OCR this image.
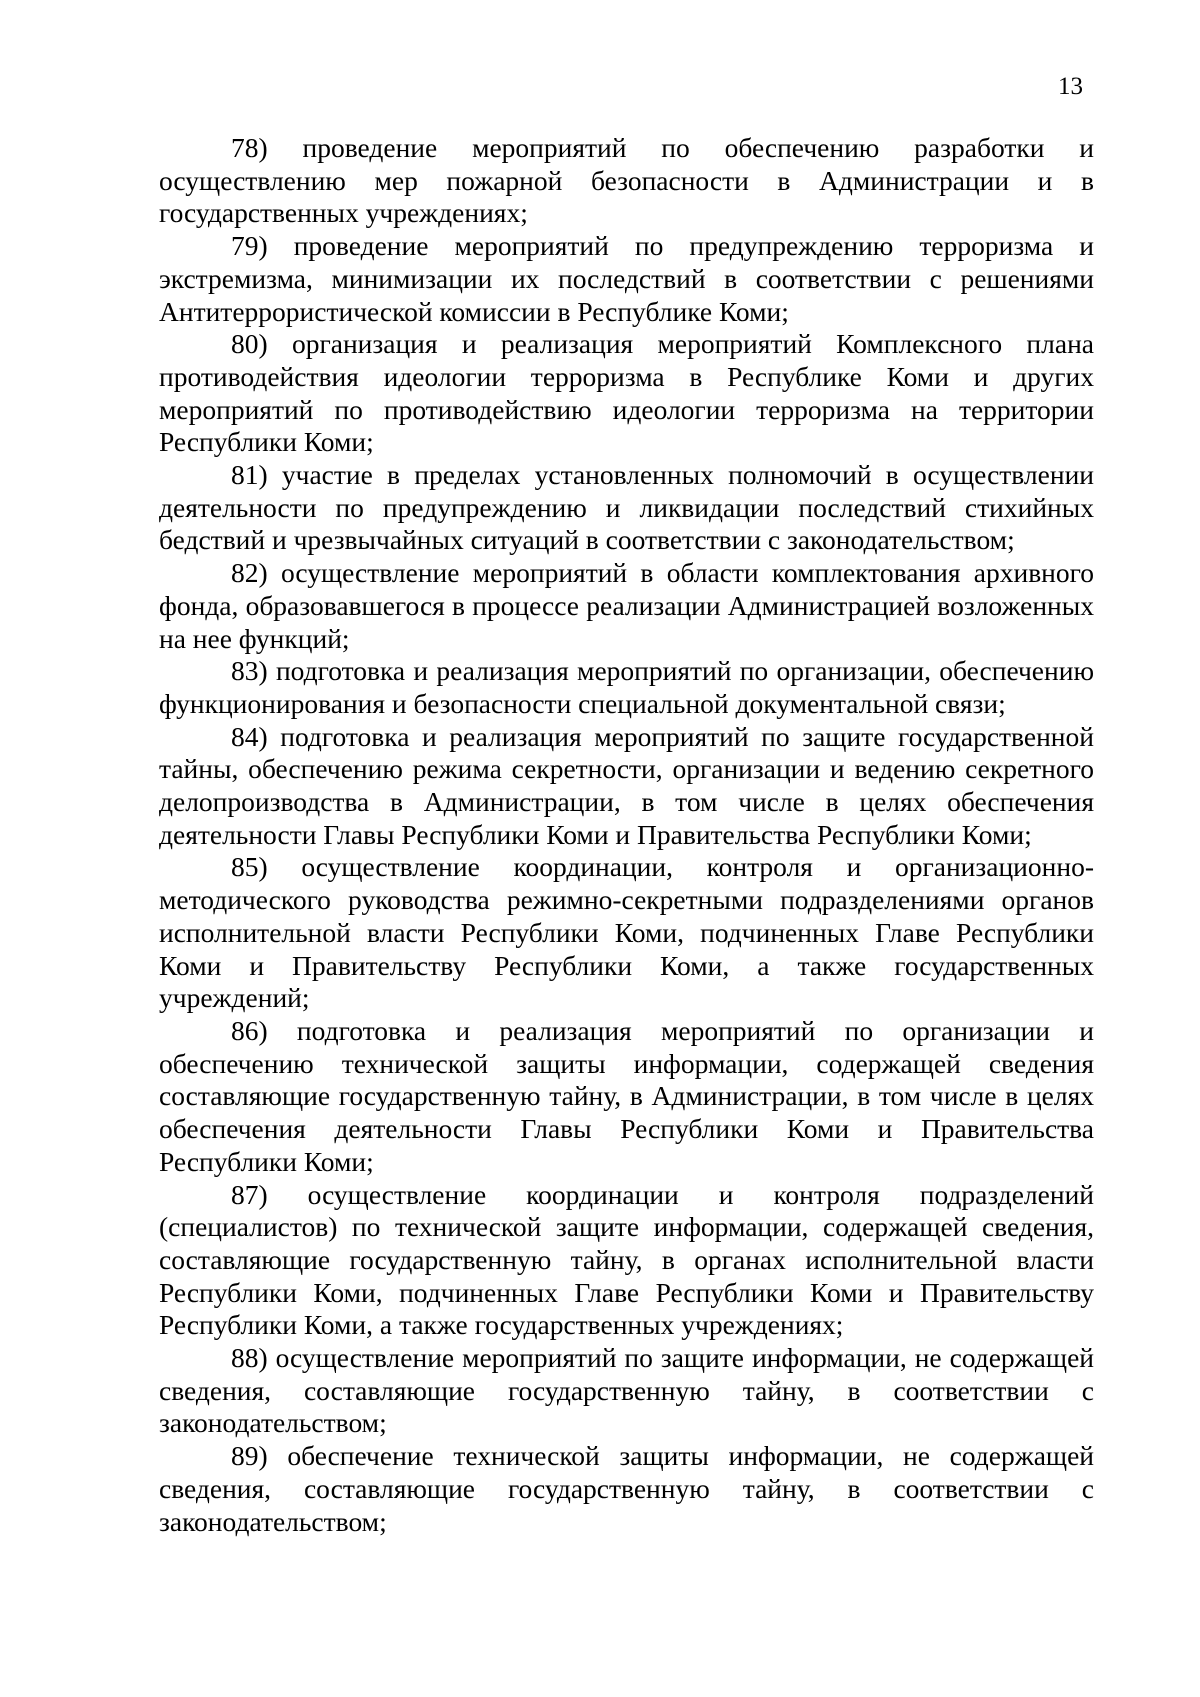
13

78) проведение мероприятий по обеспечению разработки и осуществлению мер пожарной безопасности в Администрации и в государственных учреждениях;

79) проведение мероприятий по предупреждению терроризма и экстремизма, минимизации их последствий в соответствии с решениями Антитеррористической комиссии в Республике Коми;

80) организация и реализация мероприятий Комплексного плана противодействия идеологии терроризма в Республике Коми и других мероприятий по противодействию идеологии терроризма на территории Республики Коми;

81) участие в пределах установленных полномочий в осуществлении деятельности по предупреждению и ликвидации последствий стихийных бедствий и чрезвычайных ситуаций в соответствии с законодательством;

82) осуществление мероприятий в области комплектования архивного фонда, образовавшегося в процессе реализации Администрацией возложенных на нее функций;

83) подготовка и реализация мероприятий по организации, обеспечению функционирования и безопасности специальной документальной связи;

84) подготовка и реализация мероприятий по защите государственной тайны, обеспечению режима секретности, организации и ведению секретного делопроизводства в Администрации, в том числе в целях обеспечения деятельности Главы Республики Коми и Правительства Республики Коми;

85) осуществление координации, контроля и организационно-методического руководства режимно-секретными подразделениями органов исполнительной власти Республики Коми, подчиненных Главе Республики Коми и Правительству Республики Коми, а также государственных учреждений;

86) подготовка и реализация мероприятий по организации и обеспечению технической защиты информации, содержащей сведения составляющие государственную тайну, в Администрации, в том числе в целях обеспечения деятельности Главы Республики Коми и Правительства Республики Коми;

87) осуществление координации и контроля подразделений (специалистов) по технической защите информации, содержащей сведения, составляющие государственную тайну, в органах исполнительной власти Республики Коми, подчиненных Главе Республики Коми и Правительству Республики Коми, а также государственных учреждениях;

88) осуществление мероприятий по защите информации, не содержащей сведения, составляющие государственную тайну, в соответствии с законодательством;

89) обеспечение технической защиты информации, не содержащей сведения, составляющие государственную тайну, в соответствии с законодательством;
